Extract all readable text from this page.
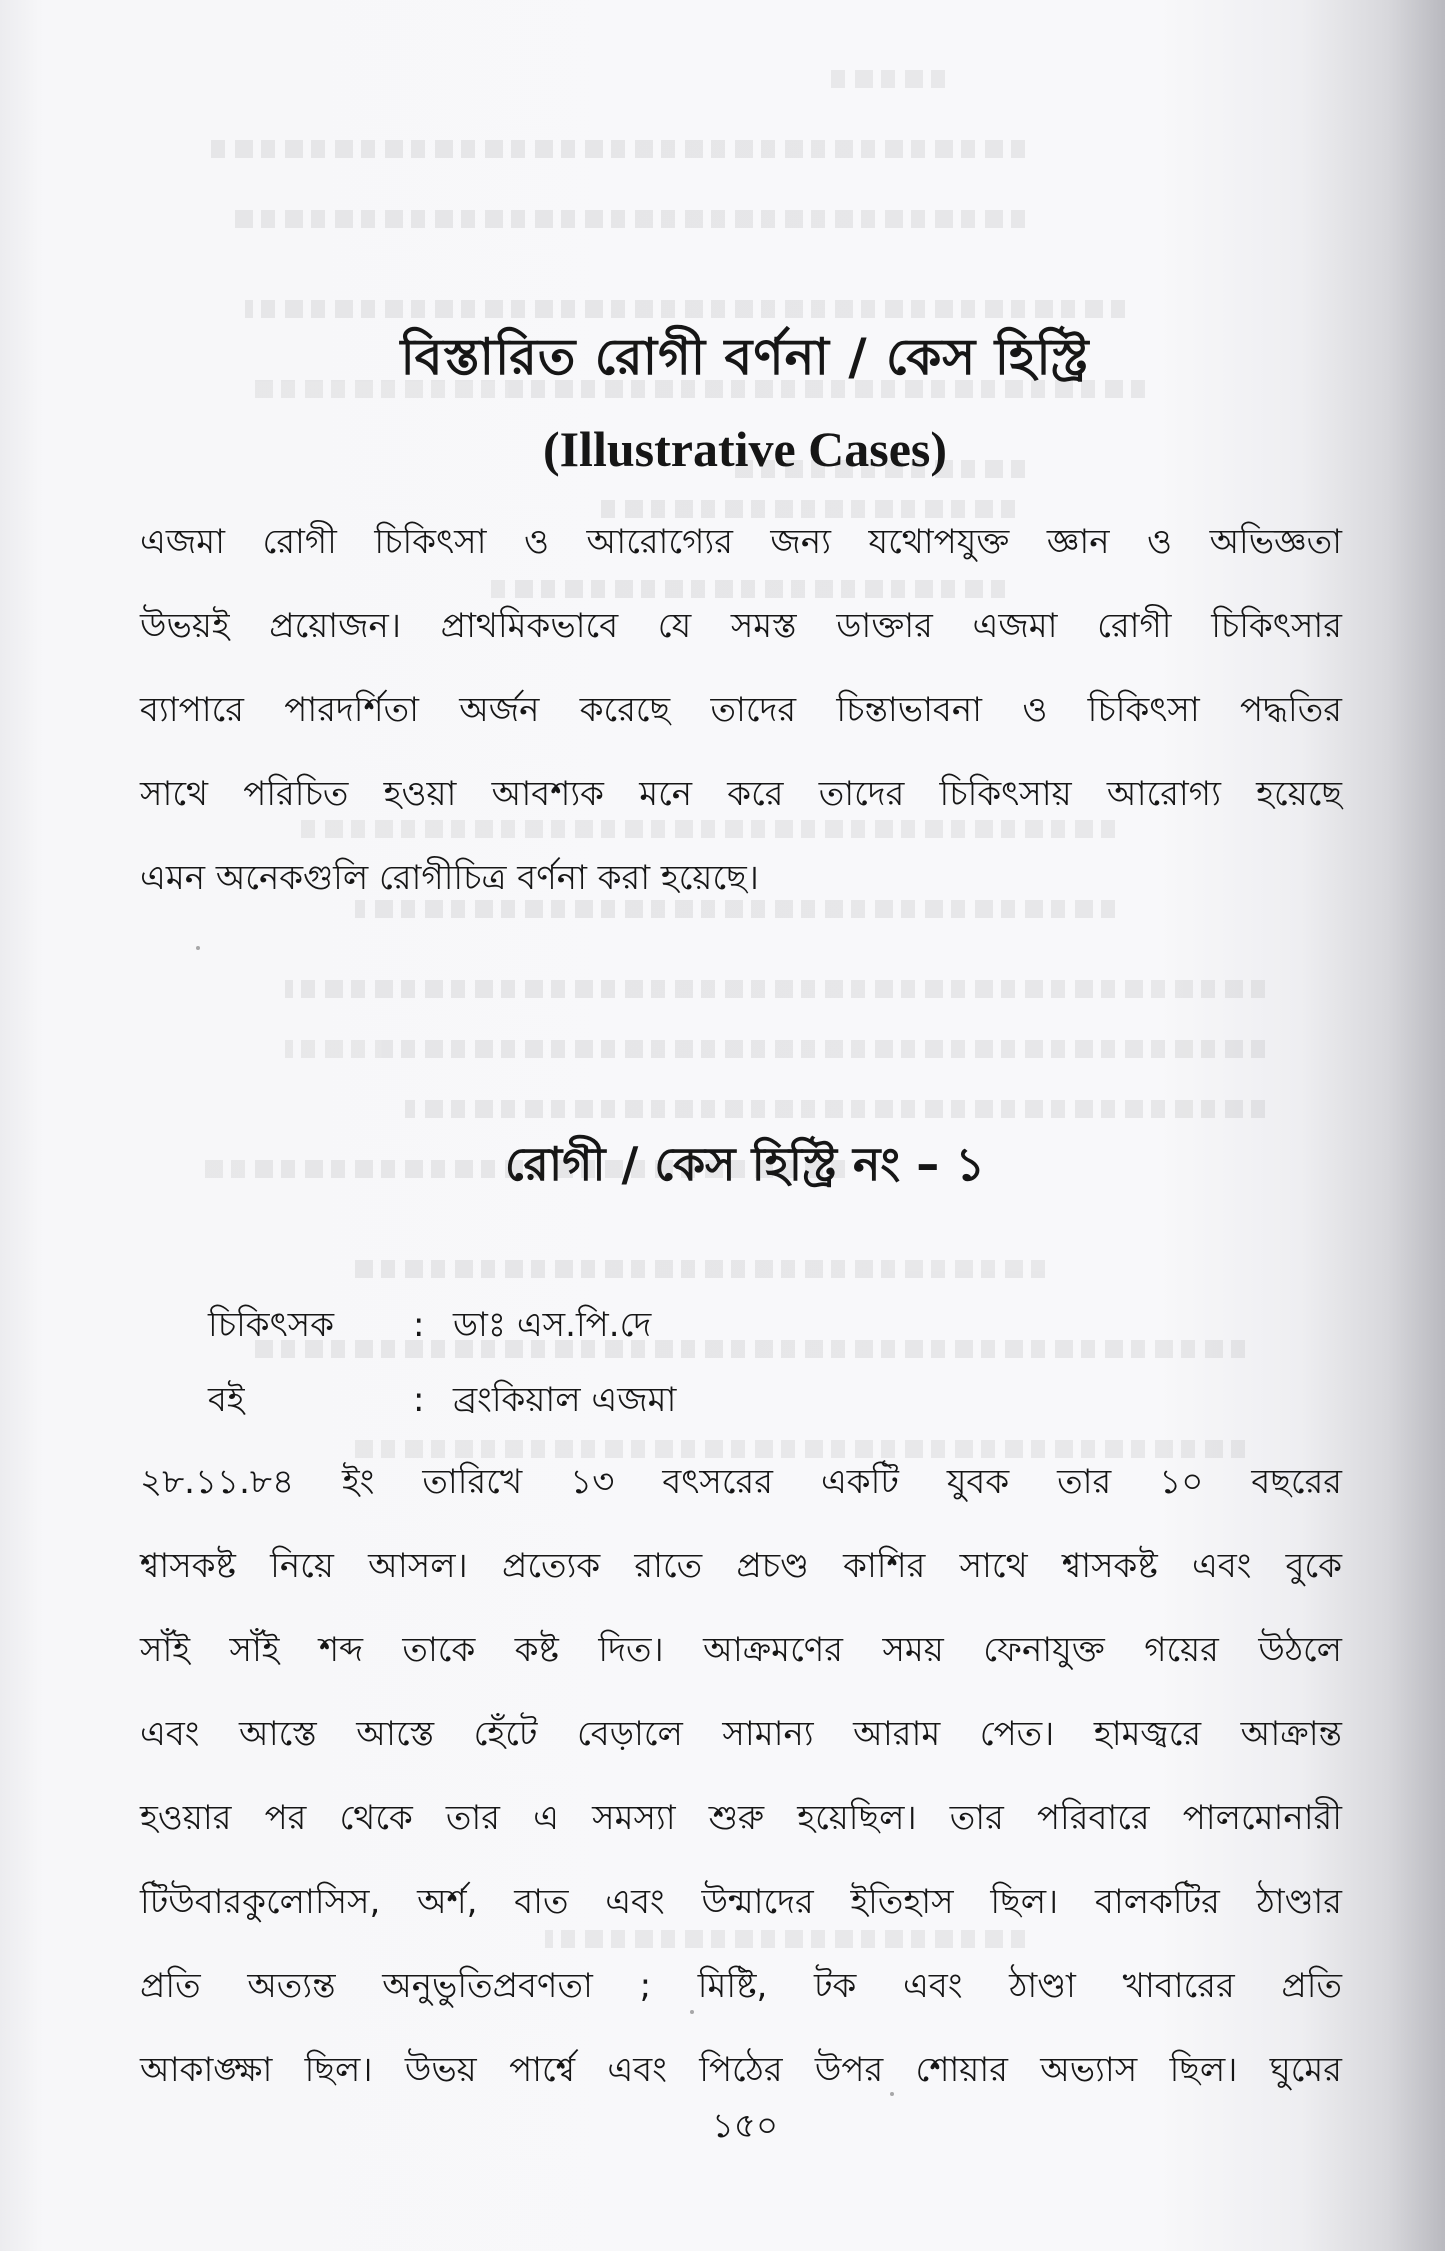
বিস্তারিত রোগী বর্ণনা / কেস হিস্ট্রি
(Illustrative Cases)
এজমা রোগী চিকিৎসা ও আরোগ্যের জন্য যথোপযুক্ত জ্ঞান ও অভিজ্ঞতা
উভয়ই প্রয়োজন। প্রাথমিকভাবে যে সমস্ত ডাক্তার এজমা রোগী চিকিৎসার
ব্যাপারে পারদর্শিতা অর্জন করেছে তাদের চিন্তাভাবনা ও চিকিৎসা পদ্ধতির
সাথে পরিচিত হওয়া আবশ্যক মনে করে তাদের চিকিৎসায় আরোগ্য হয়েছে
এমন অনেকগুলি রোগীচিত্র বর্ণনা করা হয়েছে।
রোগী / কেস হিস্ট্রি নং – ১
চিকিৎসক : ডাঃ এস.পি.দে
বই	: ব্রংকিয়াল এজমা
২৮.১১.৮৪ ইং তারিখে ১৩ বৎসরের একটি যুবক তার ১০ বছরের
শ্বাসকষ্ট নিয়ে আসল। প্রত্যেক রাতে প্রচণ্ড কাশির সাথে শ্বাসকষ্ট এবং বুকে
সাঁই সাঁই শব্দ তাকে কষ্ট দিত। আক্রমণের সময় ফেনাযুক্ত গয়ের উঠলে
এবং আস্তে আস্তে হেঁটে বেড়ালে সামান্য আরাম পেত। হামজ্বরে আক্রান্ত
হওয়ার পর থেকে তার এ সমস্যা শুরু হয়েছিল। তার পরিবারে পালমোনারী
টিউবারকুলোসিস, অর্শ, বাত এবং উন্মাদের ইতিহাস ছিল। বালকটির ঠাণ্ডার
প্রতি অত্যন্ত অনুভুতিপ্রবণতা ; মিষ্টি, টক এবং ঠাণ্ডা খাবারের প্রতি
আকাঙ্ক্ষা ছিল। উভয় পার্শ্বে এবং পিঠের উপর শোয়ার অভ্যাস ছিল। ঘুমের
১৫০
